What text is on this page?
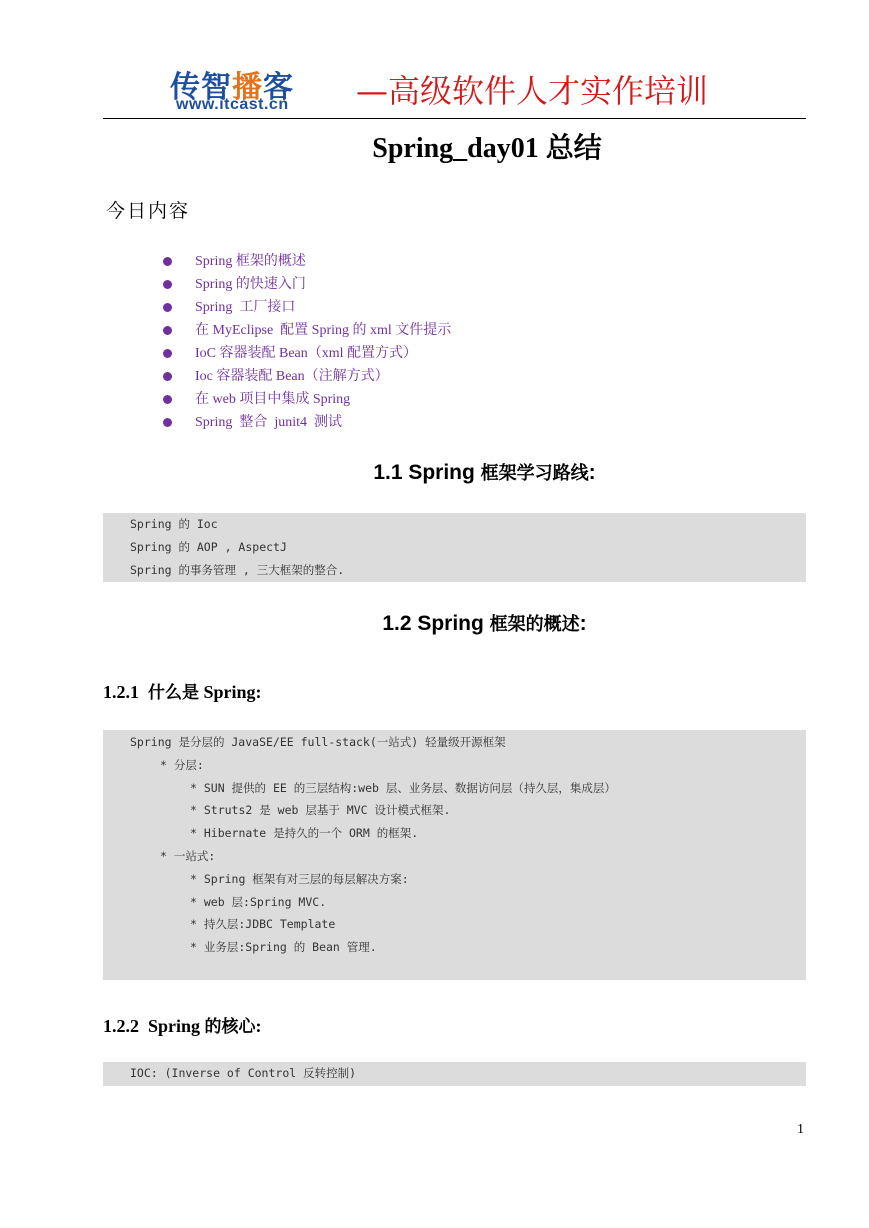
传智播客
www.itcast.cn —高级软件人才实作培训
Spring_day01 总结
今日内容
Spring 框架的概述
Spring 的快速入门
Spring  工厂接口
在 MyEclipse  配置 Spring 的 xml 文件提示
IoC 容器装配 Bean（xml 配置方式）
Ioc 容器装配 Bean（注解方式）
在 web 项目中集成 Spring
Spring  整合  junit4  测试
1.1 Spring 框架学习路线:
Spring 的 Ioc
Spring 的 AOP , AspectJ
Spring 的事务管理 , 三大框架的整合.
1.2 Spring 框架的概述:
1.2.1  什么是 Spring:
Spring 是分层的 JavaSE/EE full-stack(一站式) 轻量级开源框架
* 分层:
* SUN 提供的 EE 的三层结构:web 层、业务层、数据访问层（持久层，集成层）
* Struts2 是 web 层基于 MVC 设计模式框架.
* Hibernate 是持久的一个 ORM 的框架.
* 一站式:
* Spring 框架有对三层的每层解决方案:
* web 层:Spring MVC.
* 持久层:JDBC Template
* 业务层:Spring 的 Bean 管理.
1.2.2  Spring 的核心:
IOC: (Inverse of Control 反转控制)
1
